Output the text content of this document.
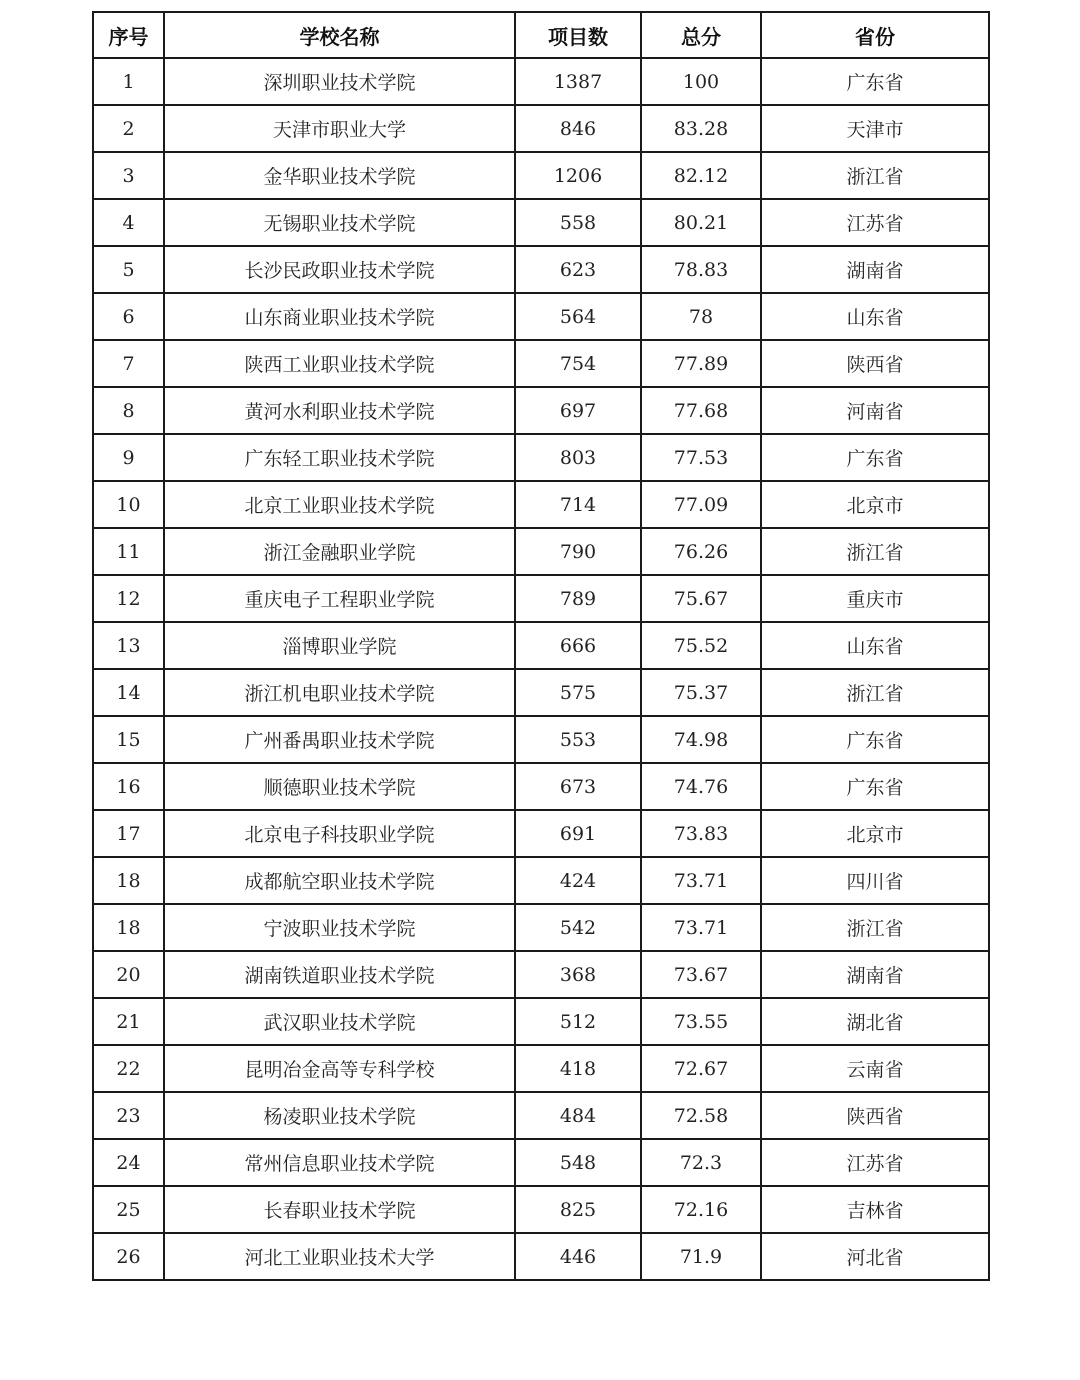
序号	学校名称	项目数	总分	省份
1	深圳职业技术学院	1387	100	广东省
2	天津市职业大学	846	83.28	天津市
3	金华职业技术学院	1206	82.12	浙江省
4	无锡职业技术学院	558	80.21	江苏省
5	长沙民政职业技术学院	623	78.83	湖南省
6	山东商业职业技术学院	564	78	山东省
7	陕西工业职业技术学院	754	77.89	陕西省
8	黄河水利职业技术学院	697	77.68	河南省
9	广东轻工职业技术学院	803	77.53	广东省
10	北京工业职业技术学院	714	77.09	北京市
11	浙江金融职业学院	790	76.26	浙江省
12	重庆电子工程职业学院	789	75.67	重庆市
13	淄博职业学院	666	75.52	山东省
14	浙江机电职业技术学院	575	75.37	浙江省
15	广州番禺职业技术学院	553	74.98	广东省
16	顺德职业技术学院	673	74.76	广东省
17	北京电子科技职业学院	691	73.83	北京市
18	成都航空职业技术学院	424	73.71	四川省
18	宁波职业技术学院	542	73.71	浙江省
20	湖南铁道职业技术学院	368	73.67	湖南省
21	武汉职业技术学院	512	73.55	湖北省
22	昆明冶金高等专科学校	418	72.67	云南省
23	杨凌职业技术学院	484	72.58	陕西省
24	常州信息职业技术学院	548	72.3	江苏省
25	长春职业技术学院	825	72.16	吉林省
26	河北工业职业技术大学	446	71.9	河北省
